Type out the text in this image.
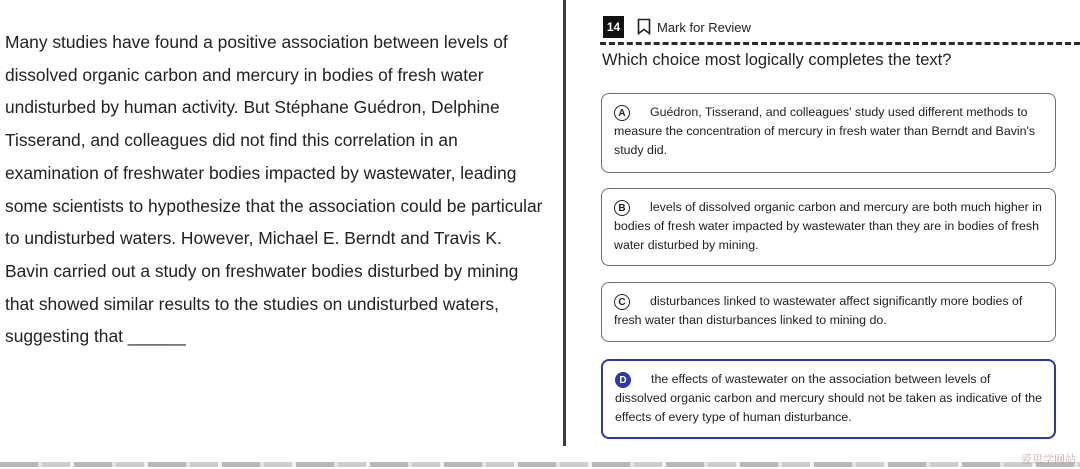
Many studies have found a positive association between levels of dissolved organic carbon and mercury in bodies of fresh water undisturbed by human activity. But Stéphane Guédron, Delphine Tisserand, and colleagues did not find this correlation in an examination of freshwater bodies impacted by wastewater, leading some scientists to hypothesize that the association could be particular to undisturbed waters. However, Michael E. Berndt and Travis K. Bavin carried out a study on freshwater bodies disturbed by mining that showed similar results to the studies on undisturbed waters, suggesting that ______
14	Mark for Review
Which choice most logically completes the text?
A	Guédron, Tisserand, and colleagues' study used different methods to measure the concentration of mercury in fresh water than Berndt and Bavin's study did.
B	levels of dissolved organic carbon and mercury are both much higher in bodies of fresh water impacted by wastewater than they are in bodies of fresh water disturbed by mining.
C	disturbances linked to wastewater affect significantly more bodies of fresh water than disturbances linked to mining do.
D	the effects of wastewater on the association between levels of dissolved organic carbon and mercury should not be taken as indicative of the effects of every type of human disturbance.
爱思学网站
